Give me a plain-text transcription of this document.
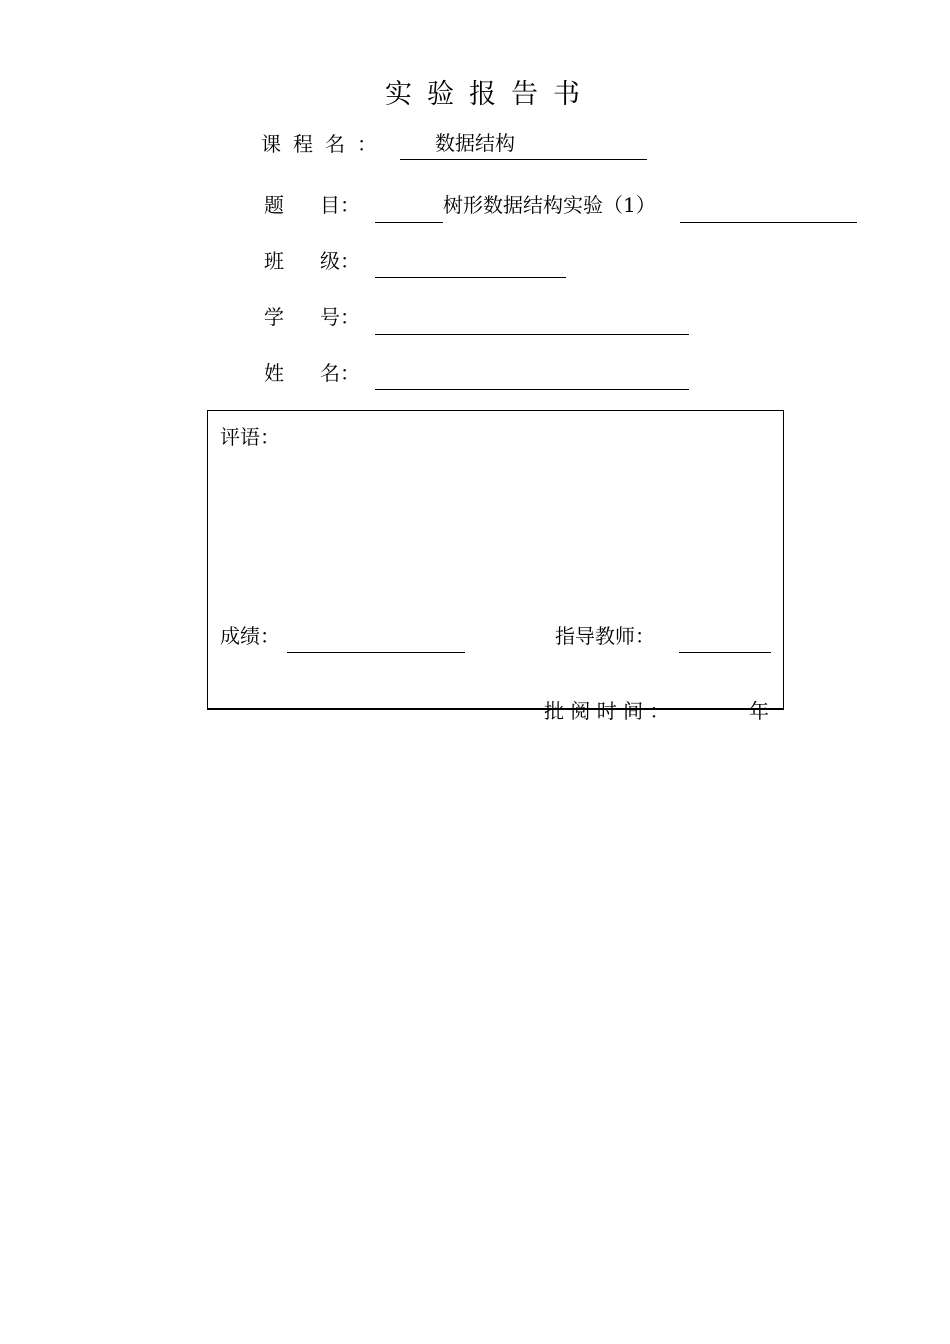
实验报告书
课程名： 数据结构
题 目：	树形数据结构实验（1）
班 级：
学 号：
姓 名：
评语：
成绩：	指导教师：
批 阅 时 间 ：	年
